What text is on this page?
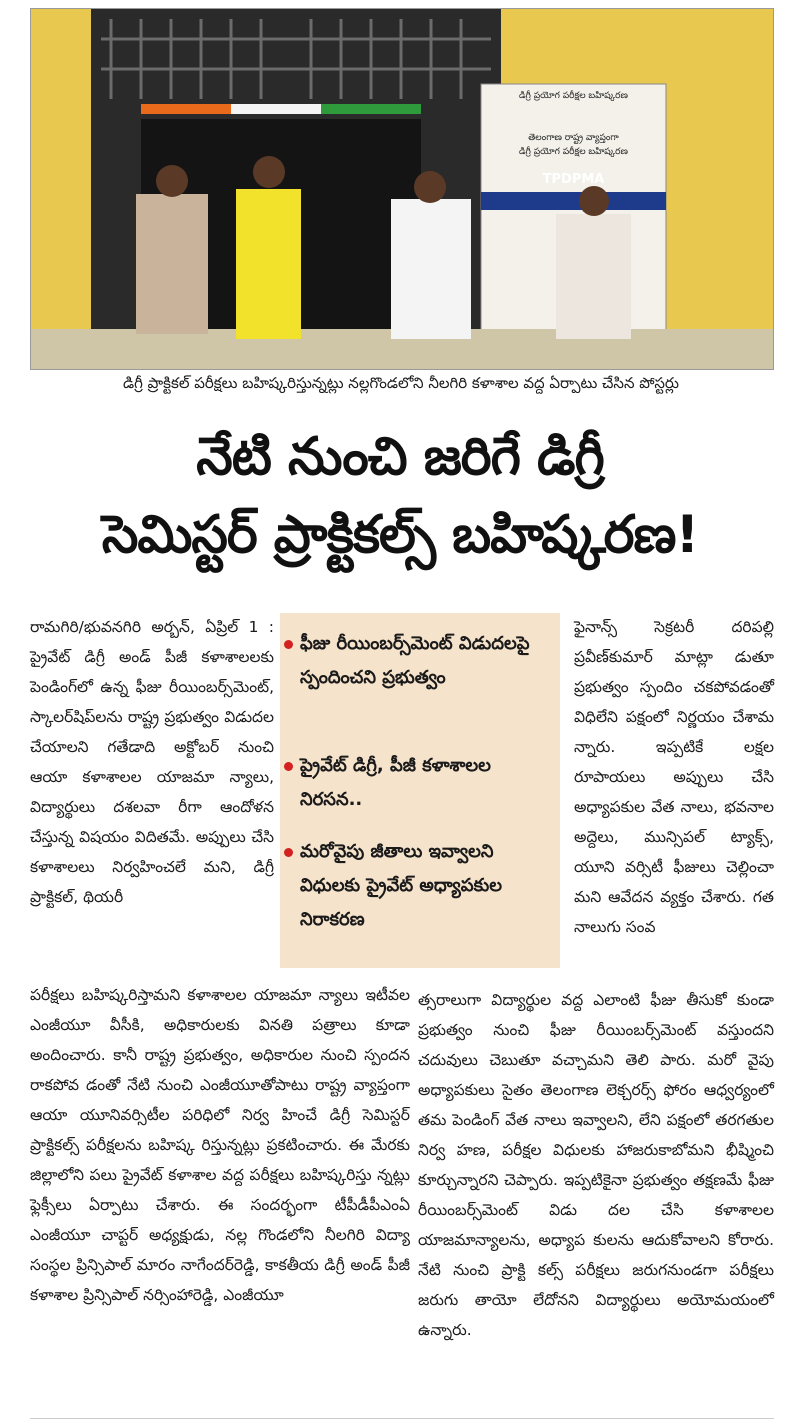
డిగ్రీ ప్రయోగ పరీక్షల బహిష్కరణ
తెలంగాణ రాష్ట్ర వ్యాప్తంగా
డిగ్రీ ప్రయోగ పరీక్షల బహిష్కరణ
TPDPMA
డిగ్రీ ప్రాక్టికల్ పరీక్షలు బహిష్కరిస్తున్నట్లు నల్లగొండలోని నీలగిరి కళాశాల వద్ద ఏర్పాటు చేసిన పోస్టర్లు
నేటి నుంచి జరిగే డిగ్రీ
సెమిస్టర్ ప్రాక్టికల్స్ బహిష్కరణ!

రామగిరి/భువనగిరి అర్బన్, ఏప్రిల్ 1 : ప్రైవేట్ డిగ్రీ అండ్ పీజీ కళాశాలలకు పెండింగ్‌లో ఉన్న ఫీజు రీయింబర్స్‌మెంట్, స్కాలర్‌షిప్‌లను రాష్ట్ర ప్రభుత్వం విడుదల చేయాలని గతేడాది అక్టోబర్ నుంచి ఆయా కళాశాలల యాజమా న్యాలు, విద్యార్థులు దశలవా రీగా ఆందోళన చేస్తున్న విషయం విదితమే. అప్పులు చేసి కళాశాలలు నిర్వహించలే మని, డిగ్రీ ప్రాక్టికల్, థియరీ

ఫీజు రీయింబర్స్‌మెంట్ విడుదలపై స్పందించని ప్రభుత్వం
ప్రైవేట్ డిగ్రీ, పీజీ కళాశాలల నిరసన..
మరోవైపు జీతాలు ఇవ్వాలని విధులకు ప్రైవేట్ అధ్యాపకుల నిరాకరణ

ఫైనాన్స్ సెక్రటరీ దరిపల్లి ప్రవీణ్‌కుమార్ మాట్లా డుతూ ప్రభుత్వం స్పందిం చకపోవడంతో విధిలేని పక్షంలో నిర్ణయం చేశామ న్నారు. ఇప్పటికే లక్షల రూపాయలు అప్పులు చేసి అధ్యాపకుల వేత నాలు, భవనాల అద్దెలు, మున్సిపల్ ట్యాక్స్, యూని వర్సిటీ ఫీజులు చెల్లించా మని ఆవేదన వ్యక్తం చేశారు. గత నాలుగు సంవ

పరీక్షలు బహిష్కరిస్తామని కళాశాలల యాజమా న్యాలు ఇటీవల ఎంజీయూ వీసీకి, అధికారులకు వినతి పత్రాలు కూడా అందించారు. కానీ రాష్ట్ర ప్రభుత్వం, అధికారుల నుంచి స్పందన రాకపోవ డంతో నేటి నుంచి ఎంజీయూతోపాటు రాష్ట్ర వ్యాప్తంగా ఆయా యూనివర్సిటీల పరిధిలో నిర్వ హించే డిగ్రీ సెమిస్టర్ ప్రాక్టికల్స్ పరీక్షలను బహిష్క రిస్తున్నట్లు ప్రకటించారు. ఈ మేరకు జిల్లాలోని పలు ప్రైవేట్ కళాశాల వద్ద పరీక్షలు బహిష్కరిస్తు న్నట్లు ఫ్లెక్సీలు ఏర్పాటు చేశారు. ఈ సందర్భంగా టీపీడీపీఎంఏ ఎంజీయూ చాప్టర్ అధ్యక్షుడు, నల్ల గొండలోని నీలగిరి విద్యా సంస్థల ప్రిన్సిపాల్ మారం నాగేందర్‌రెడ్డి, కాకతీయ డిగ్రీ అండ్ పీజీ కళాశాల ప్రిన్సిపాల్ నర్సింహారెడ్డి, ఎంజీయూ

త్సరాలుగా విద్యార్థుల వద్ద ఎలాంటి ఫీజు తీసుకో కుండా ప్రభుత్వం నుంచి ఫీజు రీయింబర్స్‌మెంట్ వస్తుందని చదువులు చెబుతూ వచ్చామని తెలి పారు. మరో వైపు అధ్యాపకులు సైతం తెలంగాణ లెక్చరర్స్ ఫోరం ఆధ్వర్యంలో తమ పెండింగ్ వేత నాలు ఇవ్వాలని, లేని పక్షంలో తరగతుల నిర్వ హణ, పరీక్షల విధులకు హాజరుకాబోమని భీష్మించి కూర్చున్నారని చెప్పారు. ఇప్పటికైనా ప్రభుత్వం తక్షణమే ఫీజు రీయింబర్స్‌మెంట్ విడు దల చేసి కళాశాలల యాజమాన్యాలను, అధ్యాప కులను ఆదుకోవాలని కోరారు. నేటి నుంచి ప్రాక్టి కల్స్ పరీక్షలు జరుగనుండగా పరీక్షలు జరుగు తాయో లేదోనని విద్యార్థులు అయోమయంలో ఉన్నారు.
